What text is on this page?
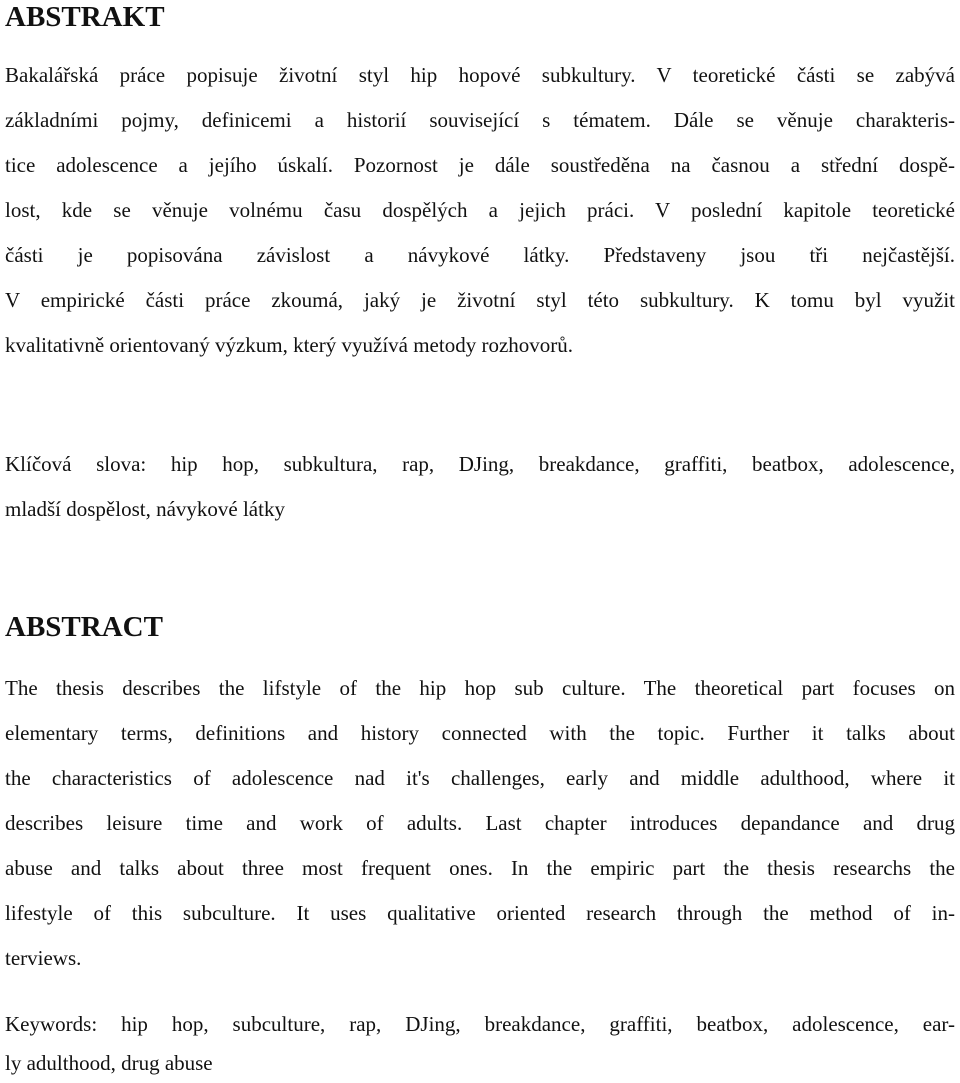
ABSTRAKT

Bakalářská práce popisuje životní styl hip hopové subkultury. V teoretické části se zabývá
základními pojmy, definicemi a historií související s tématem. Dále se věnuje charakteris-
tice adolescence a jejího úskalí. Pozornost je dále soustředěna na časnou a střední dospě-
lost, kde se věnuje volnému času dospělých a jejich práci. V poslední kapitole teoretické
části je popisována závislost a návykové látky. Představeny jsou tři nejčastější.
V empirické části práce zkoumá, jaký je životní styl této subkultury. K tomu byl využit
kvalitativně orientovaný výzkum, který využívá metody rozhovorů.

Klíčová slova: hip hop, subkultura, rap, DJing, breakdance, graffiti, beatbox, adolescence,
mladší dospělost, návykové látky

ABSTRACT

The thesis describes the lifstyle of the hip hop sub culture. The theoretical part focuses on
elementary terms, definitions and history connected with the topic. Further it talks about
the characteristics of adolescence nad it's challenges, early and middle adulthood, where it
describes leisure time and work of adults. Last chapter introduces depandance and drug
abuse and talks about three most frequent ones. In the empiric part the thesis researchs the
lifestyle of this subculture. It uses qualitative oriented research through the method of in-
terviews.

Keywords: hip hop, subculture, rap, DJing, breakdance, graffiti, beatbox, adolescence, ear-
ly adulthood, drug abuse
